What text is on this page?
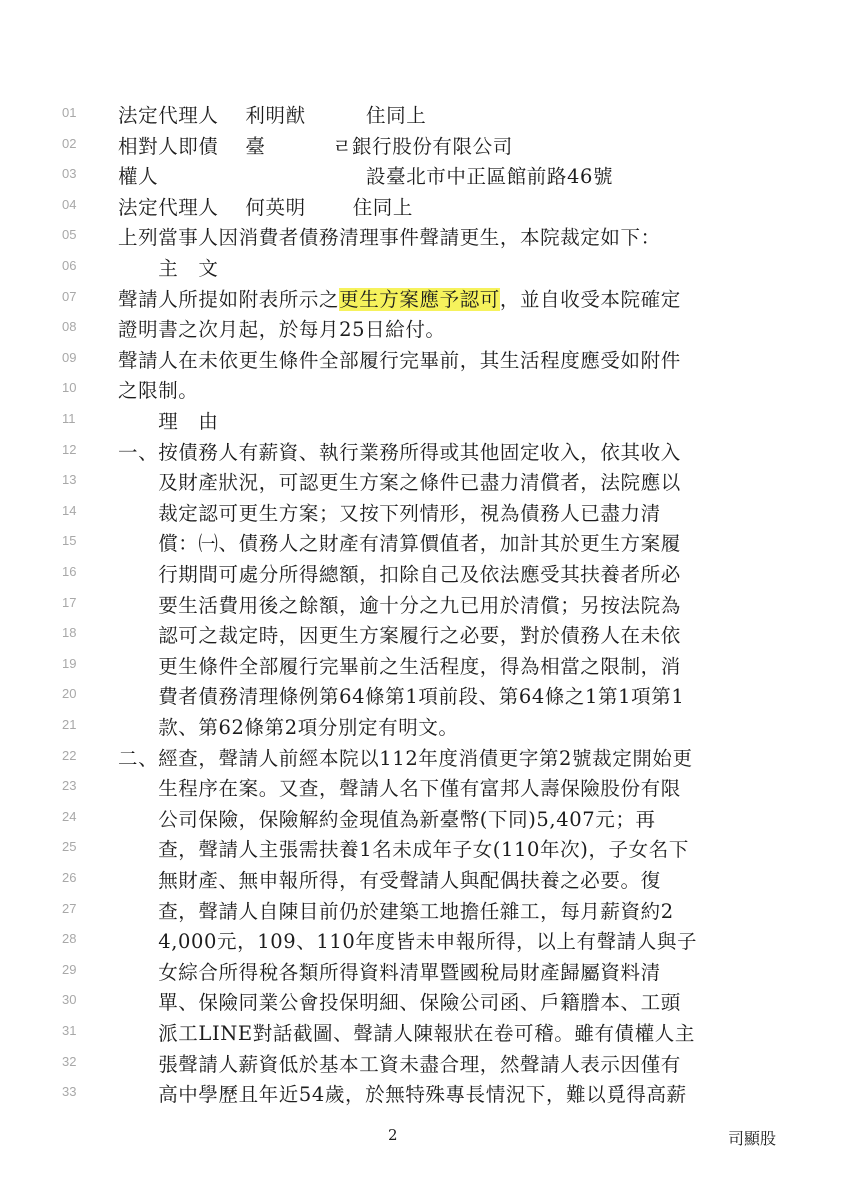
01	法定代理人　 利明猷　　　住同上
02	相對人即債　 臺　　　 ㄹ銀行股份有限公司
03	權人　　　　　　　　　　 設臺北市中正區館前路46號
04	法定代理人　 何英明　　 住同上
05	上列當事人因消費者債務清理事件聲請更生，本院裁定如下：
06	　　主　文
07	聲請人所提如附表所示之更生方案應予認可，並自收受本院確定
08	證明書之次月起，於每月25日給付。
09	聲請人在未依更生條件全部履行完畢前，其生活程度應受如附件
10	之限制。
11	　　理　由
12	一、按債務人有薪資、執行業務所得或其他固定收入，依其收入
13	　　及財產狀況，可認更生方案之條件已盡力清償者，法院應以
14	　　裁定認可更生方案；又按下列情形，視為債務人已盡力清
15	　　償：㈠、債務人之財產有清算價值者，加計其於更生方案履
16	　　行期間可處分所得總額，扣除自己及依法應受其扶養者所必
17	　　要生活費用後之餘額，逾十分之九已用於清償；另按法院為
18	　　認可之裁定時，因更生方案履行之必要，對於債務人在未依
19	　　更生條件全部履行完畢前之生活程度，得為相當之限制，消
20	　　費者債務清理條例第64條第1項前段、第64條之1第1項第1
21	　　款、第62條第2項分別定有明文。
22	二、經查，聲請人前經本院以112年度消債更字第2號裁定開始更
23	　　生程序在案。又查，聲請人名下僅有富邦人壽保險股份有限
24	　　公司保險，保險解約金現值為新臺幣(下同)5,407元；再
25	　　查，聲請人主張需扶養1名未成年子女(110年次)，子女名下
26	　　無財產、無申報所得，有受聲請人與配偶扶養之必要。復
27	　　查，聲請人自陳目前仍於建築工地擔任雜工，每月薪資約2
28	　　4,000元，109、110年度皆未申報所得，以上有聲請人與子
29	　　女綜合所得稅各類所得資料清單暨國稅局財產歸屬資料清
30	　　單、保險同業公會投保明細、保險公司函、戶籍謄本、工頭
31	　　派工LINE對話截圖、聲請人陳報狀在卷可稽。雖有債權人主
32	　　張聲請人薪資低於基本工資未盡合理，然聲請人表示因僅有
33	　　高中學歷且年近54歲，於無特殊專長情況下，難以覓得高薪
2	司顯股
